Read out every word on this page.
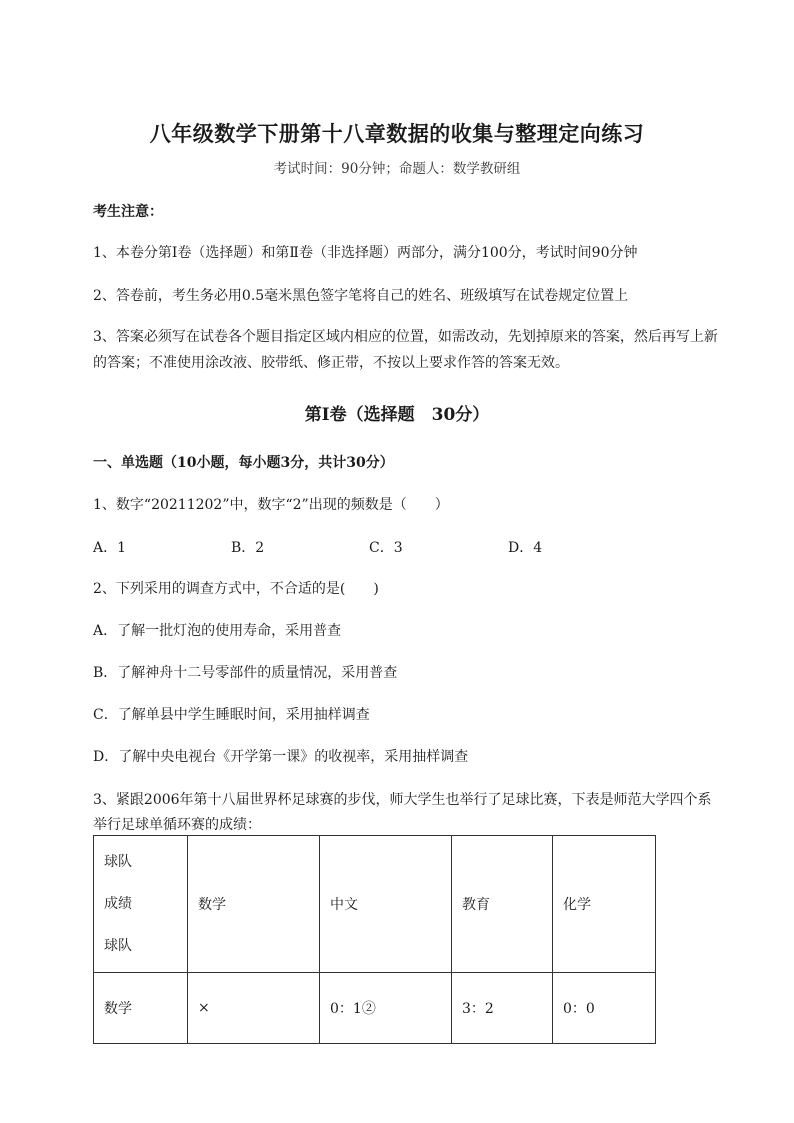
八年级数学下册第十八章数据的收集与整理定向练习
考试时间：90分钟；命题人：数学教研组
考生注意：
1、本卷分第I卷（选择题）和第Ⅱ卷（非选择题）两部分，满分100分，考试时间90分钟
2、答卷前，考生务必用0.5毫米黑色签字笔将自己的姓名、班级填写在试卷规定位置上
3、答案必须写在试卷各个题目指定区域内相应的位置，如需改动，先划掉原来的答案，然后再写上新
的答案；不准使用涂改液、胶带纸、修正带，不按以上要求作答的答案无效。
第I卷（选择题　30分）
一、单选题（10小题，每小题3分，共计30分）
1、数字“20211202”中，数字“2”出现的频数是（　　）
A．1	B．2	C．3	D．4
2、下列采用的调查方式中，不合适的是(　　)
A．了解一批灯泡的使用寿命，采用普查
B．了解神舟十二号零部件的质量情况，采用普查
C．了解单县中学生睡眠时间，采用抽样调查
D．了解中央电视台《开学第一课》的收视率，采用抽样调查
3、紧跟2006年第十八届世界杯足球赛的步伐，师大学生也举行了足球比赛，下表是师范大学四个系
举行足球单循环赛的成绩：
球队
成绩
球队	数学	中文	教育	化学
数学	×	0：1②	3：2	0：0
